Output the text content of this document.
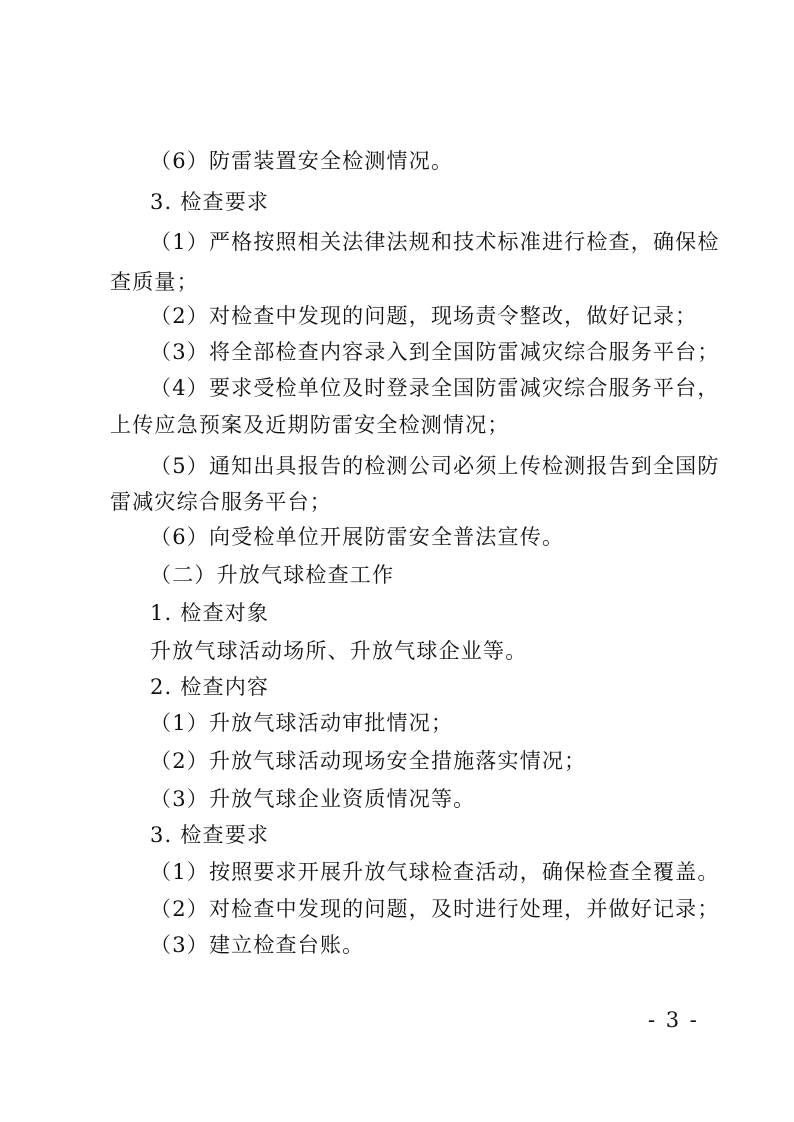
（6）防雷装置安全检测情况。
3. 检查要求
（1）严格按照相关法律法规和技术标准进行检查，确保检
查质量；
（2）对检查中发现的问题，现场责令整改，做好记录；
（3）将全部检查内容录入到全国防雷减灾综合服务平台；
（4）要求受检单位及时登录全国防雷减灾综合服务平台，
上传应急预案及近期防雷安全检测情况；
（5）通知出具报告的检测公司必须上传检测报告到全国防
雷减灾综合服务平台；
（6）向受检单位开展防雷安全普法宣传。
（二）升放气球检查工作
1. 检查对象
升放气球活动场所、升放气球企业等。
2. 检查内容
（1）升放气球活动审批情况；
（2）升放气球活动现场安全措施落实情况；
（3）升放气球企业资质情况等。
3. 检查要求
（1）按照要求开展升放气球检查活动，确保检查全覆盖。
（2）对检查中发现的问题，及时进行处理，并做好记录；
（3）建立检查台账。
- 3 -
